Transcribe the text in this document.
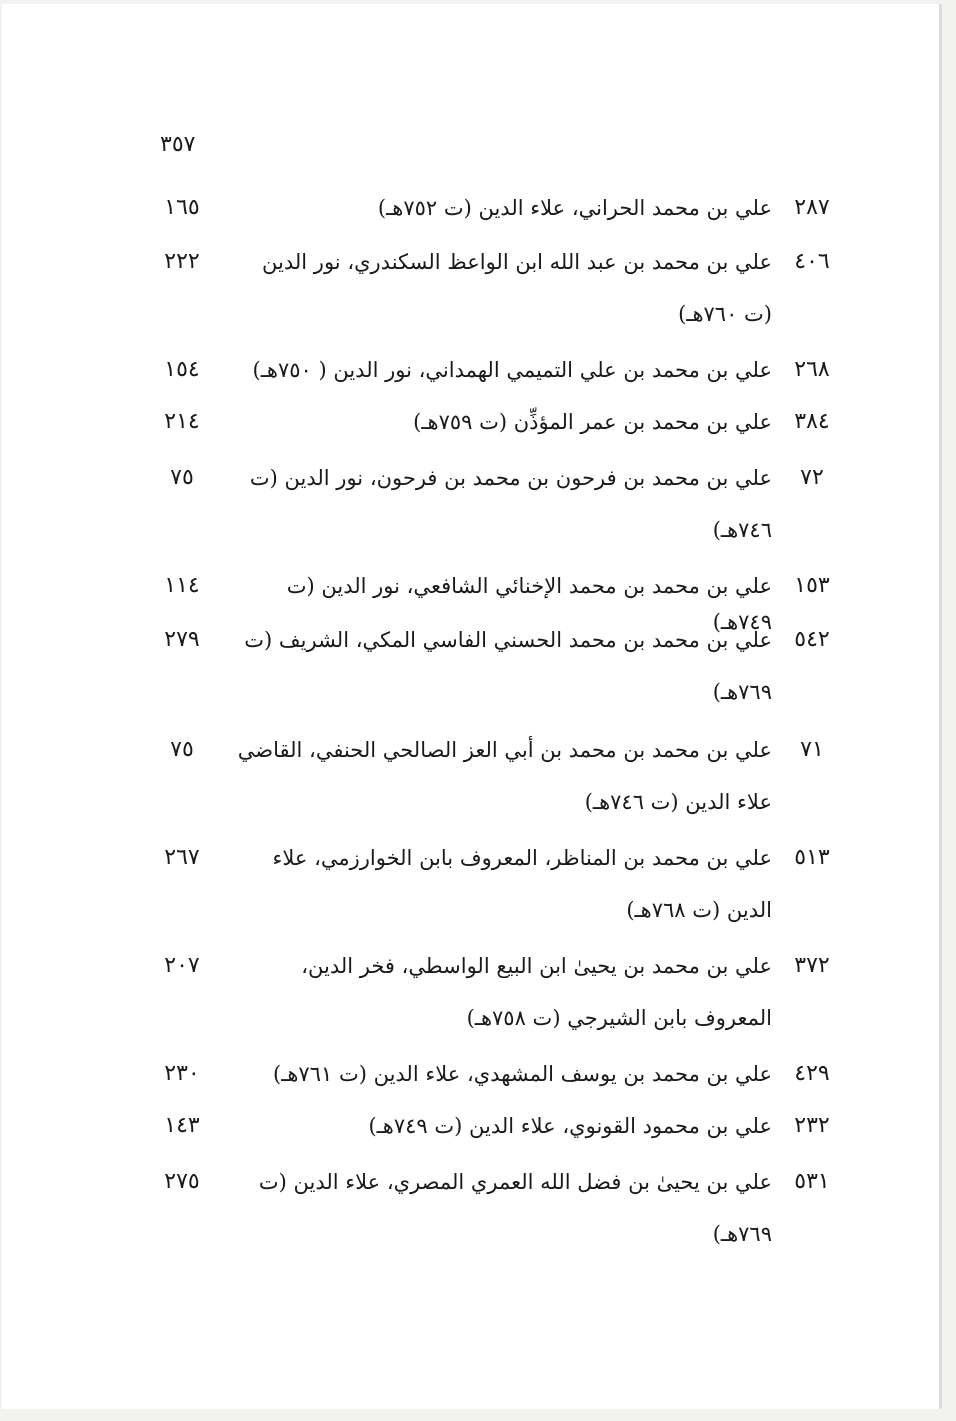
٣٥٧
٢٨٧
علي بن محمد الحراني، علاء الدين (ت ٧٥٢هـ)
١٦٥
٤٠٦
علي بن محمد بن عبد الله ابن الواعظ السكندري، نور الدين (ت ٧٦٠هـ)
٢٢٢
٢٦٨
علي بن محمد بن علي التميمي الهمداني، نور الدين ( ٧٥٠هـ)
١٥٤
٣٨٤
علي بن محمد بن عمر المؤذِّن (ت ٧٥٩هـ)
٢١٤
٧٢
علي بن محمد بن فرحون بن محمد بن فرحون، نور الدين (ت ٧٤٦هـ)
٧٥
١٥٣
علي بن محمد بن محمد الإخنائي الشافعي، نور الدين (ت ٧٤٩هـ)
١١٤
٥٤٢
علي بن محمد بن محمد الحسني الفاسي المكي، الشريف (ت ٧٦٩هـ)
٢٧٩
٧١
علي بن محمد بن محمد بن أبي العز الصالحي الحنفي، القاضي علاء الدين (ت ٧٤٦هـ)
٧٥
٥١٣
علي بن محمد بن المناظر، المعروف بابن الخوارزمي، علاء الدين (ت ٧٦٨هـ)
٢٦٧
٣٧٢
علي بن محمد بن يحيىٰ ابن البيع الواسطي، فخر الدين، المعروف بابن الشيرجي (ت ٧٥٨هـ)
٢٠٧
٤٢٩
علي بن محمد بن يوسف المشهدي، علاء الدين (ت ٧٦١هـ)
٢٣٠
٢٣٢
علي بن محمود القونوي، علاء الدين (ت ٧٤٩هـ)
١٤٣
٥٣١
علي بن يحيىٰ بن فضل الله العمري المصري، علاء الدين (ت ٧٦٩هـ)
٢٧٥
